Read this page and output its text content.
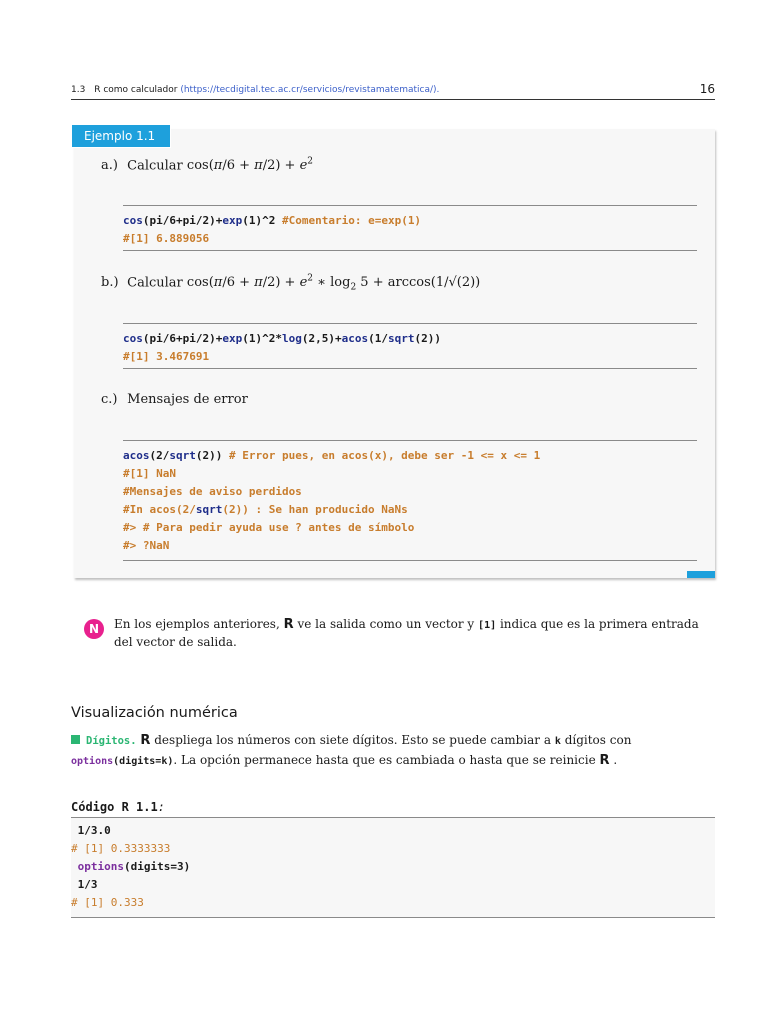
1.3 R como calculador (https://tecdigital.tec.ac.cr/servicios/revistamatematica/).	16
Ejemplo 1.1
a.) Calcular $\cos(\pi/6 + \pi/2) + e^2$
cos(pi/6+pi/2)+exp(1)^2 #Comentario: e=exp(1)
#[1] 6.889056
b.) Calcular $\cos(\pi/6 + \pi/2) + e^2$ ∗ $\log_2 5 + \arccos(1/√(2))$
cos(pi/6+pi/2)+exp(1)^2*log(2,5)+acos(1/sqrt(2))
#[1] 3.467691
c.) Mensajes de error
acos(2/sqrt(2)) # Error pues, en acos(x), debe ser -1 <= x <= 1
#[1] NaN
#Mensajes de aviso perdidos
#In acos(2/sqrt(2)) : Se han producido NaNs
#> # Para pedir ayuda use ? antes de símbolo
#> ?NaN
N	En los ejemplos anteriores, R ve la salida como un vector y [1] indica que es la primera entrada del vector de salida.
Visualización numérica
Dígitos. R despliega los números con siete dígitos. Esto se puede cambiar a k dígitos con options(digits=k). La opción permanece hasta que es cambiada o hasta que se reinicie R .
Código R 1.1:
1/3.0
# [1] 0.3333333
options(digits=3)
1/3
# [1] 0.333
